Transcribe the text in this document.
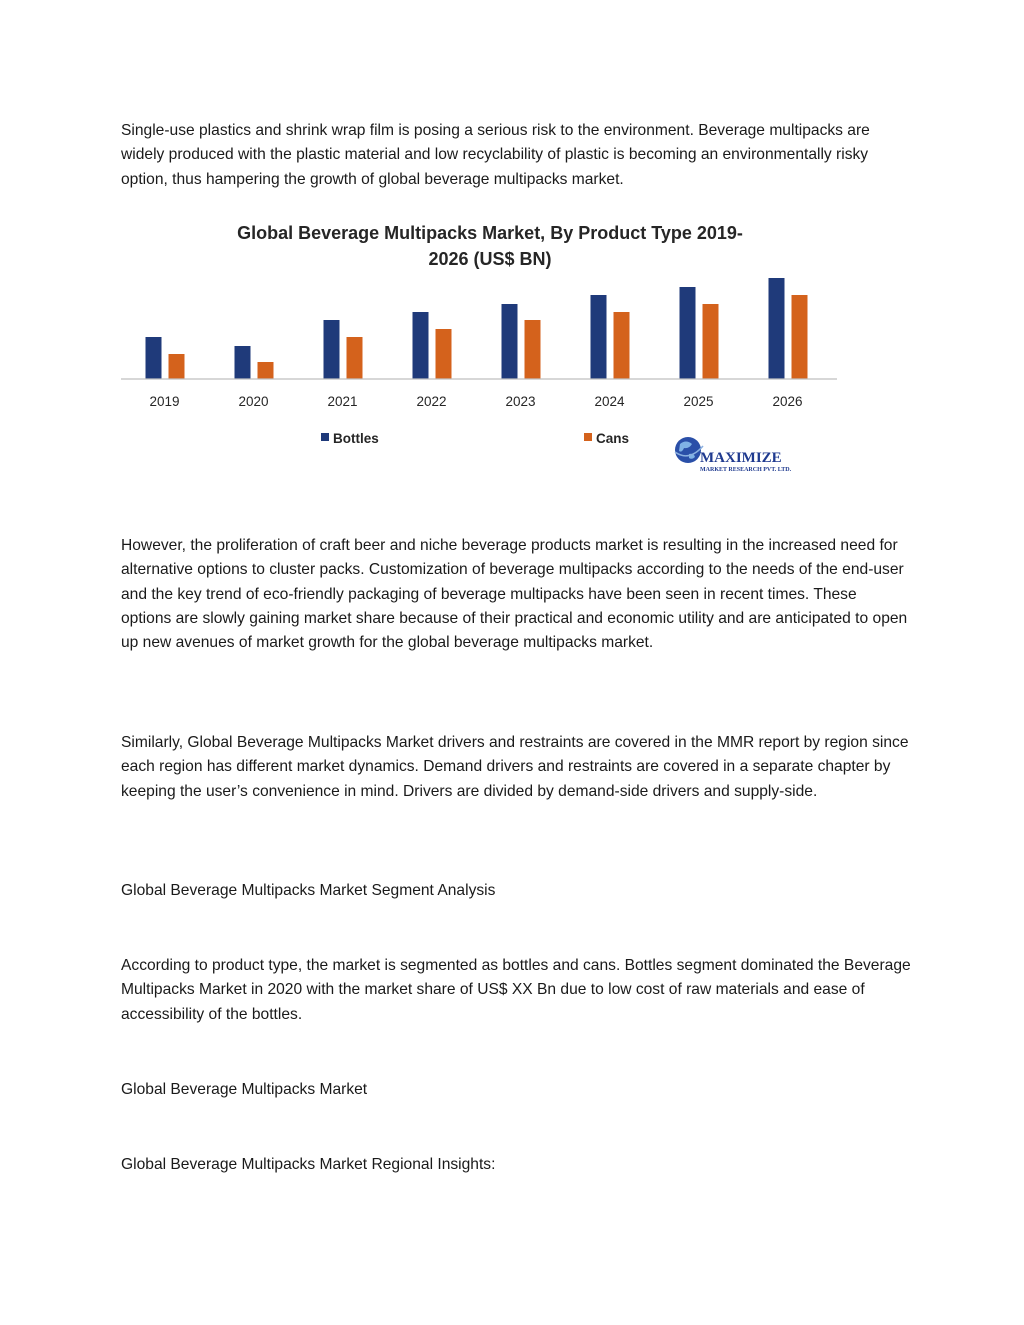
Single-use plastics and shrink wrap film is posing a serious risk to the environment. Beverage multipacks are widely produced with the plastic material and low recyclability of plastic is becoming an environmentally risky option, thus hampering the growth of global beverage multipacks market.

Global Beverage Multipacks Market, By Product Type 2019-
2026 (US$ BN)
2019	2020	2021	2022	2023	2024	2025	2026
Bottles	Cans
MAXIMIZE
MARKET RESEARCH PVT. LTD.

However, the proliferation of craft beer and niche beverage products market is resulting in the increased need for alternative options to cluster packs. Customization of beverage multipacks according to the needs of the end-user and the key trend of eco-friendly packaging of beverage multipacks have been seen in recent times. These options are slowly gaining market share because of their practical and economic utility and are anticipated to open up new avenues of market growth for the global beverage multipacks market.

Similarly, Global Beverage Multipacks Market drivers and restraints are covered in the MMR report by region since each region has different market dynamics. Demand drivers and restraints are covered in a separate chapter by keeping the user’s convenience in mind. Drivers are divided by demand-side drivers and supply-side.

Global Beverage Multipacks Market Segment Analysis

According to product type, the market is segmented as bottles and cans. Bottles segment dominated the Beverage Multipacks Market in 2020 with the market share of US$ XX Bn due to low cost of raw materials and ease of accessibility of the bottles.

Global Beverage Multipacks Market

Global Beverage Multipacks Market Regional Insights:
